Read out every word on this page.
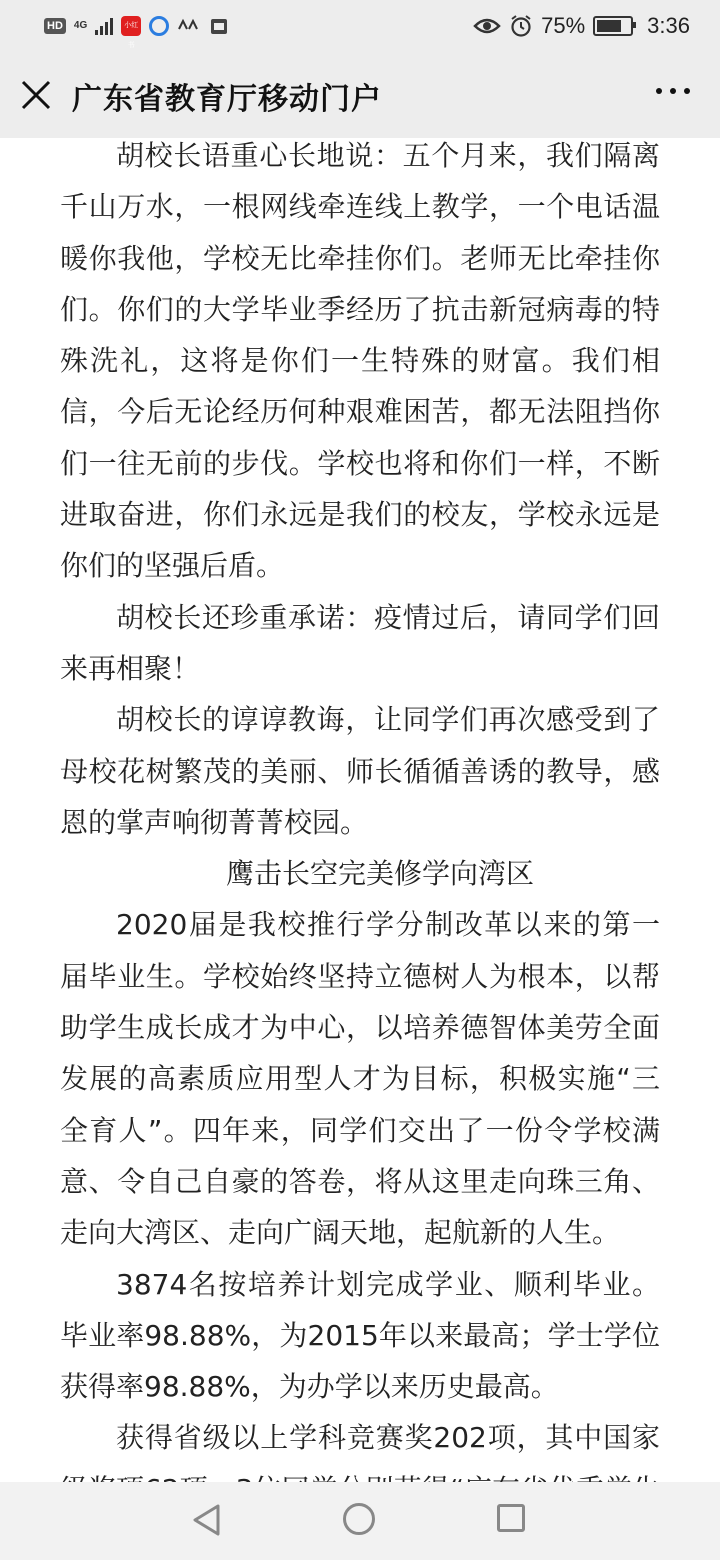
HD	4G	小红书
75%	3:36
广东省教育厅移动门户

胡校长语重心长地说：五个月来，我们隔离千山万水，一根网线牵连线上教学，一个电话温暖你我他，学校无比牵挂你们。老师无比牵挂你们。你们的大学毕业季经历了抗击新冠病毒的特殊洗礼，这将是你们一生特殊的财富。我们相信，今后无论经历何种艰难困苦，都无法阻挡你们一往无前的步伐。学校也将和你们一样，不断进取奋进，你们永远是我们的校友，学校永远是你们的坚强后盾。

胡校长还珍重承诺：疫情过后，请同学们回来再相聚！

胡校长的谆谆教诲，让同学们再次感受到了母校花树繁茂的美丽、师长循循善诱的教导，感恩的掌声响彻菁菁校园。

鹰击长空完美修学向湾区

2020届是我校推行学分制改革以来的第一届毕业生。学校始终坚持立德树人为根本，以帮助学生成长成才为中心，以培养德智体美劳全面发展的高素质应用型人才为目标，积极实施“三全育人”。四年来，同学们交出了一份令学校满意、令自己自豪的答卷，将从这里走向珠三角、走向大湾区、走向广阔天地，起航新的人生。

3874名按培养计划完成学业、顺利毕业。毕业率98.88%，为2015年以来最高；学士学位获得率98.88%，为办学以来历史最高。

获得省级以上学科竞赛奖202项，其中国家
